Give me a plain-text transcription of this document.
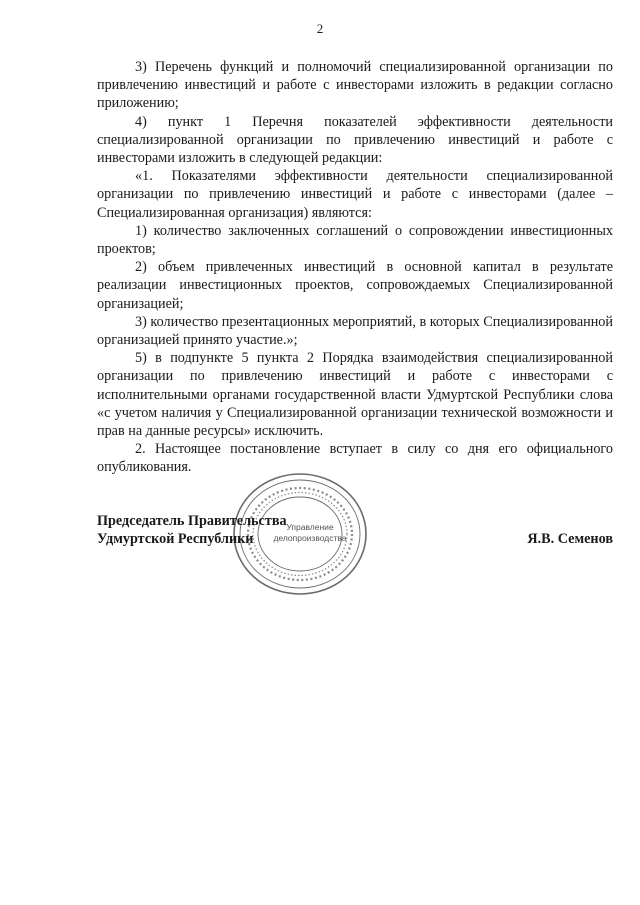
2

3) Перечень функций и полномочий специализированной организации по привлечению инвестиций и работе с инвесторами изложить в редакции согласно приложению;

4) пункт 1 Перечня показателей эффективности деятельности специализированной организации по привлечению инвестиций и работе с инвесторами изложить в следующей редакции:

«1. Показателями эффективности деятельности специализированной организации по привлечению инвестиций и работе с инвесторами (далее – Специализированная организация) являются:

1) количество заключенных соглашений о сопровождении инвестиционных проектов;

2) объем привлеченных инвестиций в основной капитал в результате реализации инвестиционных проектов, сопровождаемых Специализированной организацией;

3) количество презентационных мероприятий, в которых Специализированной организацией принято участие.»;

5) в подпункте 5 пункта 2 Порядка взаимодействия специализированной организации по привлечению инвестиций и работе с инвесторами с исполнительными органами государственной власти Удмуртской Республики слова «с учетом наличия у Специализированной организации технической возможности и прав на данные ресурсы» исключить.

2. Настоящее постановление вступает в силу со дня его официального опубликования.

Управление
делопроизводства
Председатель Правительства
Удмуртской Республики	Я.В. Семенов
